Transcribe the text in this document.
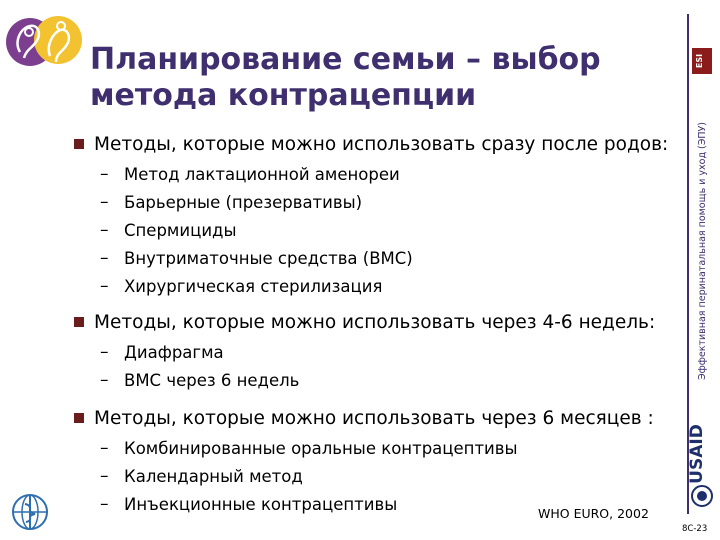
Планирование семьи – выбор
метода контрацепции
ESI
Эффективная перинатальная помощь и уход (ЭПУ)
Методы, которые можно использовать сразу после родов:
– Метод лактационной аменореи
– Барьерные (презервативы)
– Спермициды
– Внутриматочные средства (ВМС)
– Хирургическая стерилизация
Методы, которые можно использовать через 4-6 недель:
– Диафрагма
– ВМС через 6 недель
Методы, которые можно использовать через 6 месяцев :
– Комбинированные оральные контрацептивы
– Календарный метод
– Инъекционные контрацептивы
USAID
WHO EURO, 2002
8C-23
